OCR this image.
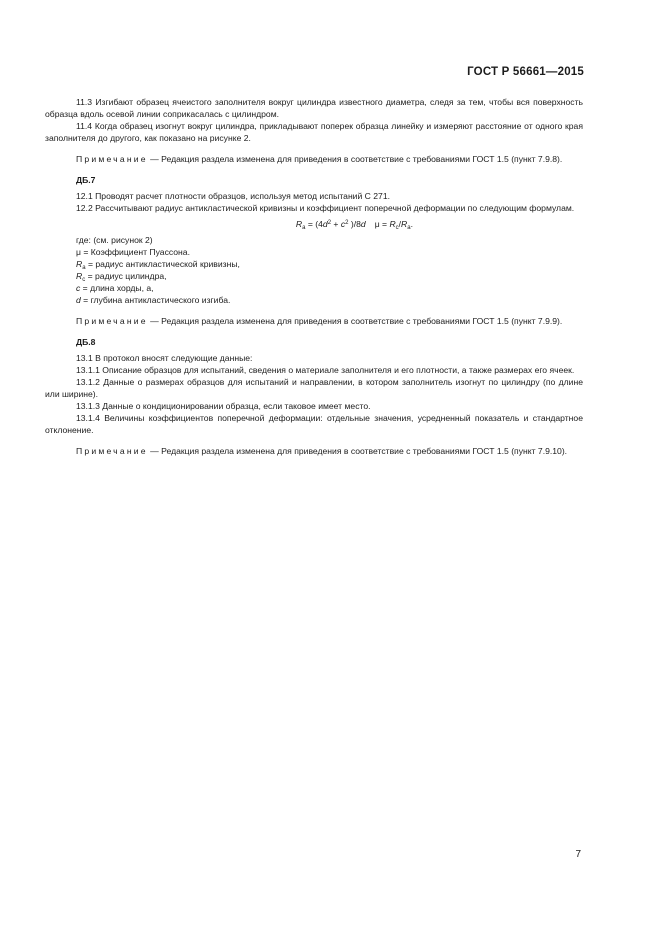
ГОСТ Р 56661—2015

11.3 Изгибают образец ячеистого заполнителя вокруг цилиндра известного диаметра, следя за тем, чтобы вся поверхность образца вдоль осевой линии соприкасалась с цилиндром.

11.4 Когда образец изогнут вокруг цилиндра, прикладывают поперек образца линейку и измеряют расстояние от одного края заполнителя до другого, как показано на рисунке 2.

Примечание — Редакция раздела изменена для приведения в соответствие с требованиями ГОСТ 1.5 (пункт 7.9.8).

ДБ.7

12.1 Проводят расчет плотности образцов, используя метод испытаний C 271.

12.2 Рассчитывают радиус антикластической кривизны и коэффициент поперечной деформации по следующим формулам.

$R_a = (4d^2 + c^2$ )/8d $\mu = R_c/R_a$.

где: (см. рисунок 2)

μ = Коэффициент Пуассона.

$R_a$ = радиус антикластической кривизны,

$R_c$ = радиус цилиндра,

c = длина хорды, a,

d = глубина антикластического изгиба.

Примечание — Редакция раздела изменена для приведения в соответствие с требованиями ГОСТ 1.5 (пункт 7.9.9).

ДБ.8

13.1 В протокол вносят следующие данные:

13.1.1 Описание образцов для испытаний, сведения о материале заполнителя и его плотности, а также размерах его ячеек.

13.1.2 Данные о размерах образцов для испытаний и направлении, в котором заполнитель изогнут по цилиндру (по длине или ширине).

13.1.3 Данные о кондиционировании образца, если таковое имеет место.

13.1.4 Величины коэффициентов поперечной деформации: отдельные значения, усредненный показатель и стандартное отклонение.

Примечание — Редакция раздела изменена для приведения в соответствие с требованиями ГОСТ 1.5 (пункт 7.9.10).

7
